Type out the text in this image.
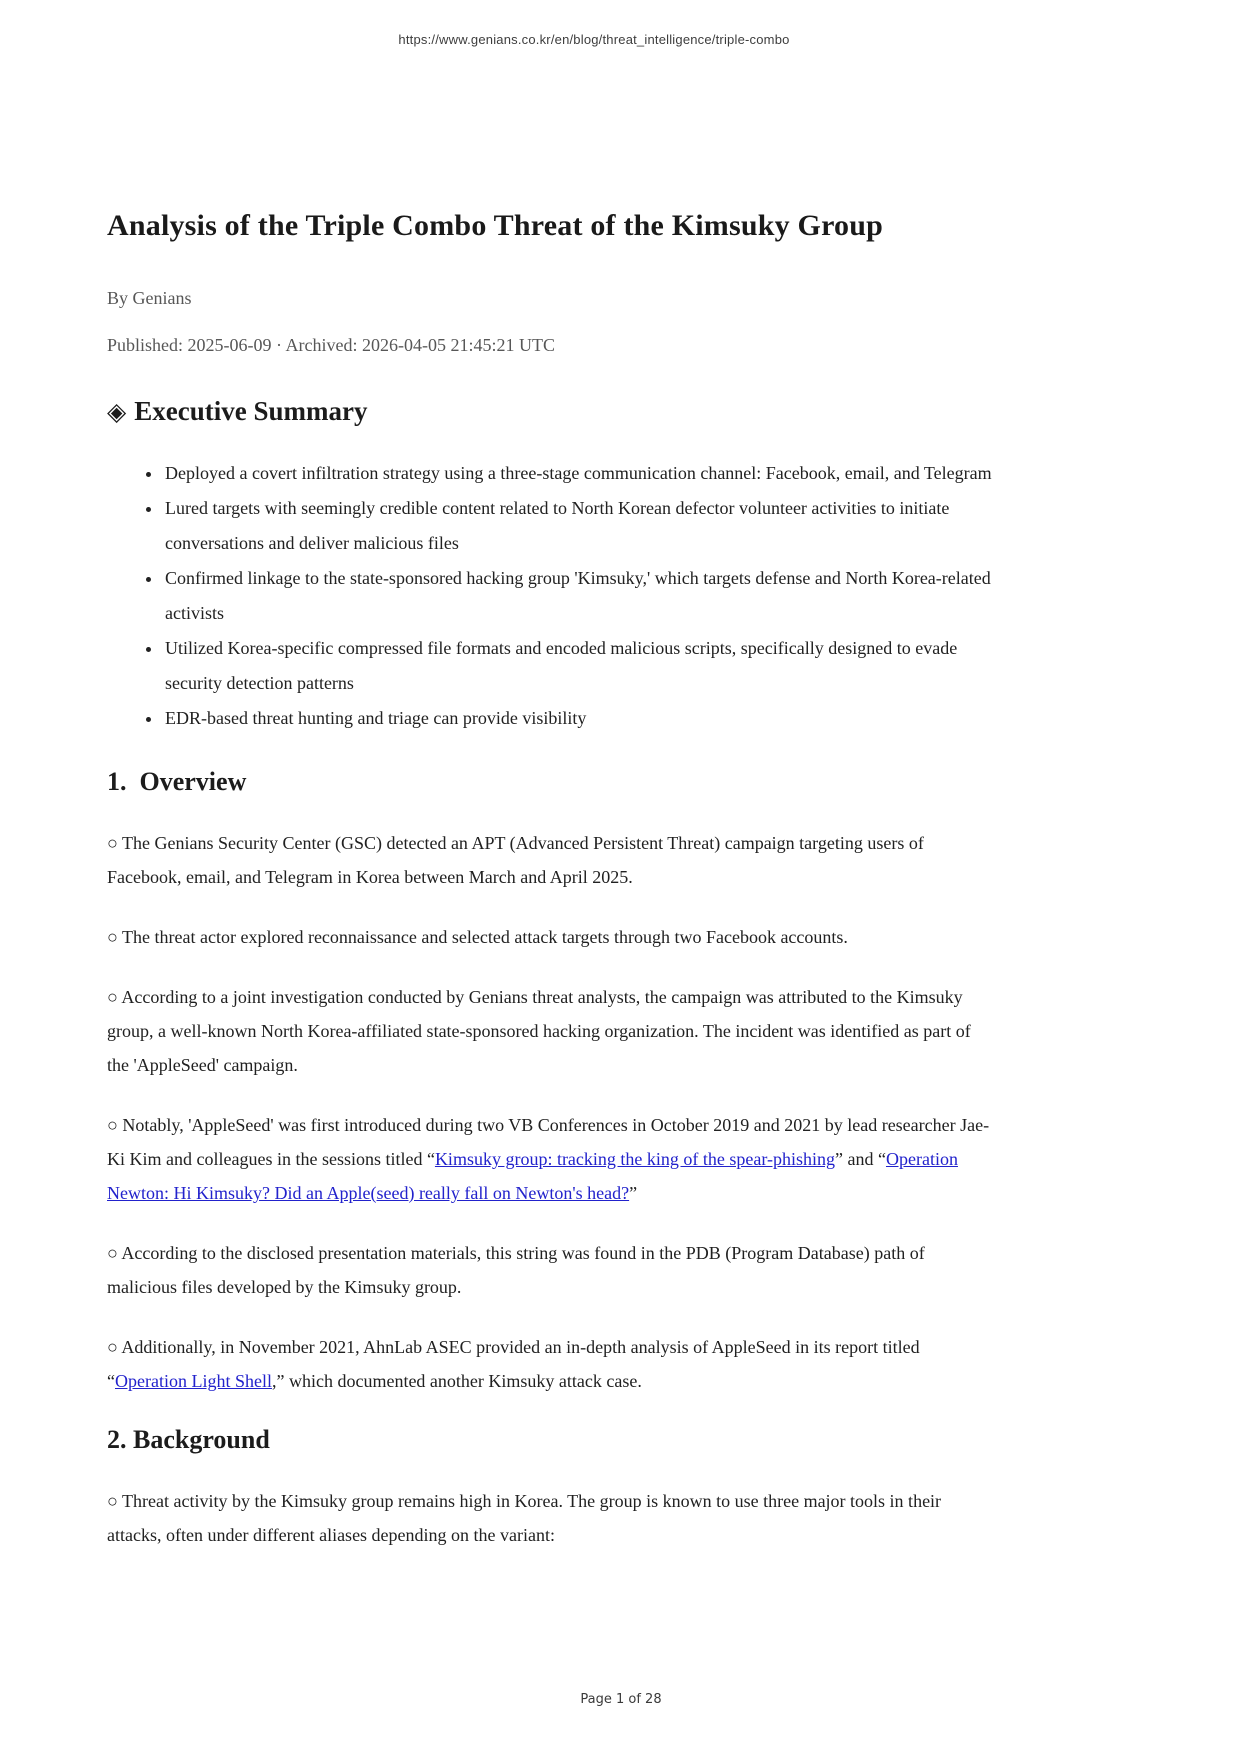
https://www.genians.co.kr/en/blog/threat_intelligence/triple-combo
Analysis of the Triple Combo Threat of the Kimsuky Group

By Genians

Published: 2025-06-09 · Archived: 2026-04-05 21:45:21 UTC

◈ Executive Summary
• Deployed a covert infiltration strategy using a three-stage communication channel: Facebook, email, and Telegram
• Lured targets with seemingly credible content related to North Korean defector volunteer activities to initiate conversations and deliver malicious files
• Confirmed linkage to the state-sponsored hacking group 'Kimsuky,' which targets defense and North Korea-related activists
• Utilized Korea-specific compressed file formats and encoded malicious scripts, specifically designed to evade security detection patterns
• EDR-based threat hunting and triage can provide visibility
1.  Overview

○ The Genians Security Center (GSC) detected an APT (Advanced Persistent Threat) campaign targeting users of Facebook, email, and Telegram in Korea between March and April 2025.

○ The threat actor explored reconnaissance and selected attack targets through two Facebook accounts.

○ According to a joint investigation conducted by Genians threat analysts, the campaign was attributed to the Kimsuky group, a well-known North Korea-affiliated state-sponsored hacking organization. The incident was identified as part of the 'AppleSeed' campaign.

○ Notably, 'AppleSeed' was first introduced during two VB Conferences in October 2019 and 2021 by lead researcher Jae-Ki Kim and colleagues in the sessions titled “Kimsuky group: tracking the king of the spear-phishing” and “Operation Newton: Hi Kimsuky? Did an Apple(seed) really fall on Newton's head?”

○ According to the disclosed presentation materials, this string was found in the PDB (Program Database) path of malicious files developed by the Kimsuky group.

○ Additionally, in November 2021, AhnLab ASEC provided an in-depth analysis of AppleSeed in its report titled “Operation Light Shell,” which documented another Kimsuky attack case.

2. Background

○ Threat activity by the Kimsuky group remains high in Korea. The group is known to use three major tools in their attacks, often under different aliases depending on the variant:

Page 1 of 28
